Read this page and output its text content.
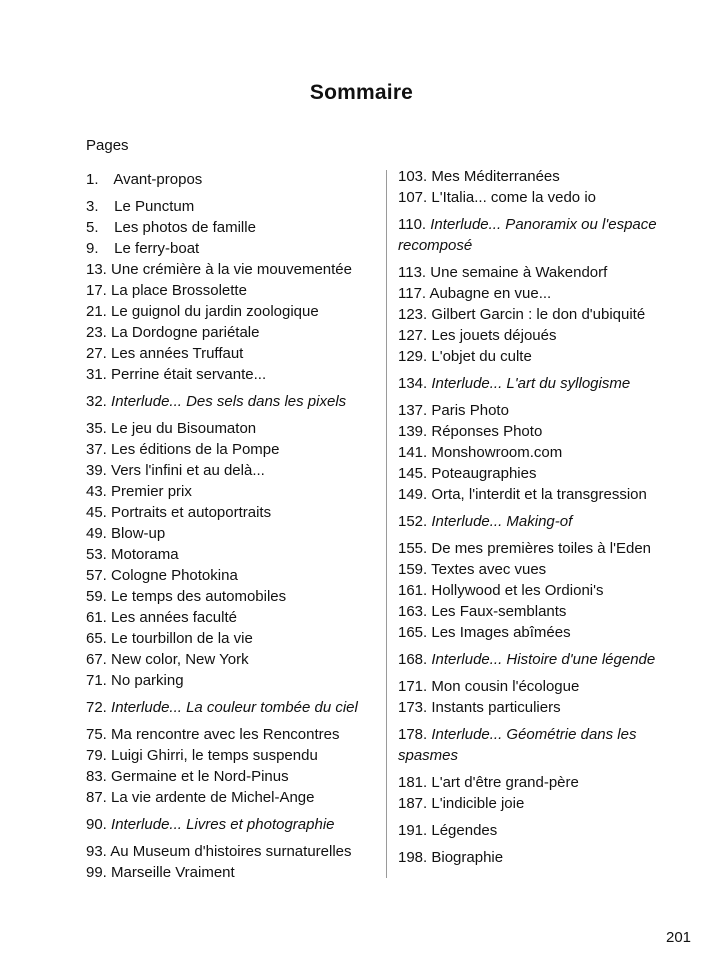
Sommaire
Pages
1. Avant-propos
3. Le Punctum
5. Les photos de famille
9. Le ferry-boat
13. Une crémière à la vie mouvementée
17. La place Brossolette
21. Le guignol du jardin zoologique
23. La Dordogne pariétale
27. Les années Truffaut
31. Perrine était servante...
32. Interlude... Des sels dans les pixels
35. Le jeu du Bisoumaton
37. Les éditions de la Pompe
39. Vers l'infini et au delà...
43. Premier prix
45. Portraits et autoportraits
49. Blow-up
53. Motorama
57. Cologne Photokina
59. Le temps des automobiles
61. Les années faculté
65. Le tourbillon de la vie
67. New color, New York
71. No parking
72. Interlude... La couleur tombée du ciel
75. Ma rencontre avec les Rencontres
79. Luigi Ghirri, le temps suspendu
83. Germaine et le Nord-Pinus
87. La vie ardente de Michel-Ange
90. Interlude... Livres et photographie
93. Au Museum d'histoires surnaturelles
99. Marseille Vraiment
103. Mes Méditerranées
107. L'Italia... come la vedo io
110. Interlude... Panoramix ou l'espace recomposé
113. Une semaine à Wakendorf
117. Aubagne en vue...
123. Gilbert Garcin : le don d'ubiquité
127. Les jouets déjoués
129. L'objet du culte
134. Interlude... L'art du syllogisme
137. Paris Photo
139. Réponses Photo
141. Monshowroom.com
145. Poteaugraphies
149. Orta, l'interdit et la transgression
152. Interlude... Making-of
155. De mes premières toiles à l'Eden
159. Textes avec vues
161. Hollywood et les Ordioni's
163. Les Faux-semblants
165. Les Images abîmées
168. Interlude... Histoire d'une légende
171. Mon cousin l'écologue
173. Instants particuliers
178. Interlude... Géométrie dans les spasmes
181. L'art d'être grand-père
187. L'indicible joie
191. Légendes
198. Biographie
201
